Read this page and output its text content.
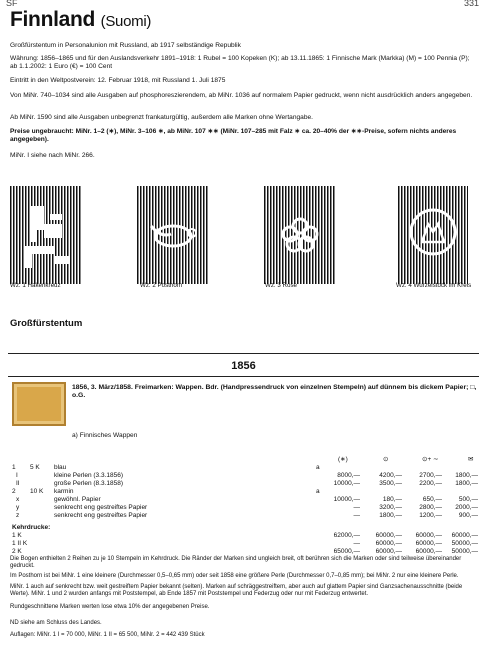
SF	331
Finnland (Suomi)
Großfürstentum in Personalunion mit Russland, ab 1917 selbständige Republik
Währung: 1856–1865 und für den Auslandsverkehr 1891–1918: 1 Rubel = 100 Kopeken (K); ab 13.11.1865: 1 Finnische Mark (Markka) (M) = 100 Pennia (P); ab 1.1.2002: 1 Euro (€) = 100 Cent
Eintritt in den Weltpostverein: 12. Februar 1918, mit Russland 1. Juli 1875
Von MiNr. 740–1034 sind alle Ausgaben auf phosphoreszierendem, ab MiNr. 1036 auf normalem Papier gedruckt, wenn nicht ausdrücklich anders angegeben.
Ab MiNr. 1590 sind alle Ausgaben unbegrenzt frankaturgültig, außerdem alle Marken ohne Wertangabe.
Preise ungebraucht: MiNr. 1–2 (∗), MiNr. 3–106 ∗, ab MiNr. 107 ∗∗ (MiNr. 107–285 mit Falz ∗ ca. 20–40% der ∗∗-Preise, sofern nichts anderes angegeben).
MiNr. I siehe nach MiNr. 266.
Wz. 1 Hakenkreuz	Wz. 2 Posthorn	Wz. 3 Rose	Wz. 4 Wurzelstock im Kreis
Großfürstentum
1856
1856, 3. März/1858. Freimarken: Wappen. Bdr. (Handpressendruck von einzelnen Stempeln) auf dünnem bis dickem Papier; □, o.G.
a) Finnisches Wappen
(∗)	⊙	⊙+ ∼	✉
1 5 K blau	a
I	kleine Perlen (3.3.1856)	8000,—	4200,—	2700,—	1800,—
II	große Perlen (8.3.1858)	10000,—	3500,—	2200,—	1800,—
2 10 K karmin	a
x	gewöhnl. Papier	10000,—	180,—	650,—	500,—
y	senkrecht eng gestreiftes Papier	—	3200,—	2800,—	2000,—
z	senkrecht eng gestreiftes Papier	—	1800,—	1200,—	900,—
Kehrdrucke:
1 K	62000,—	60000,—	60000,—	60000,—
1 II K	—	60000,—	60000,—	50000,—
2 K	65000,—	60000,—	60000,—	50000,—
Die Bogen enthielten 2 Reihen zu je 10 Stempeln im Kehrdruck. Die Ränder der Marken sind ungleich breit, oft berühren sich die Marken oder sind teilweise übereinander gedruckt.
Im Posthorn ist bei MiNr. 1 eine kleinere (Durchmesser 0,5–0,65 mm) oder seit 1858 eine größere Perle (Durchmesser 0,7–0,85 mm); bei MiNr. 2 nur eine kleinere Perle.
MiNr. 1 auch auf senkrecht bzw. weit gestreiftem Papier bekannt (selten). Marken auf schräggestreiftem, aber auch auf glattem Papier sind Ganzsachenausschnitte (beide Werte). MiNr. 1 und 2 wurden anfangs mit Poststempel, ab Ende 1857 mit Poststempel und Federzug oder nur mit Federzug entwertet.
Rundgeschnittene Marken werten lose etwa 10% der angegebenen Preise.
ND siehe am Schluss des Landes.
Auflagen: MiNr. 1 I = 70 000, MiNr. 1 II = 65 500, MiNr. 2 = 442 439 Stück
